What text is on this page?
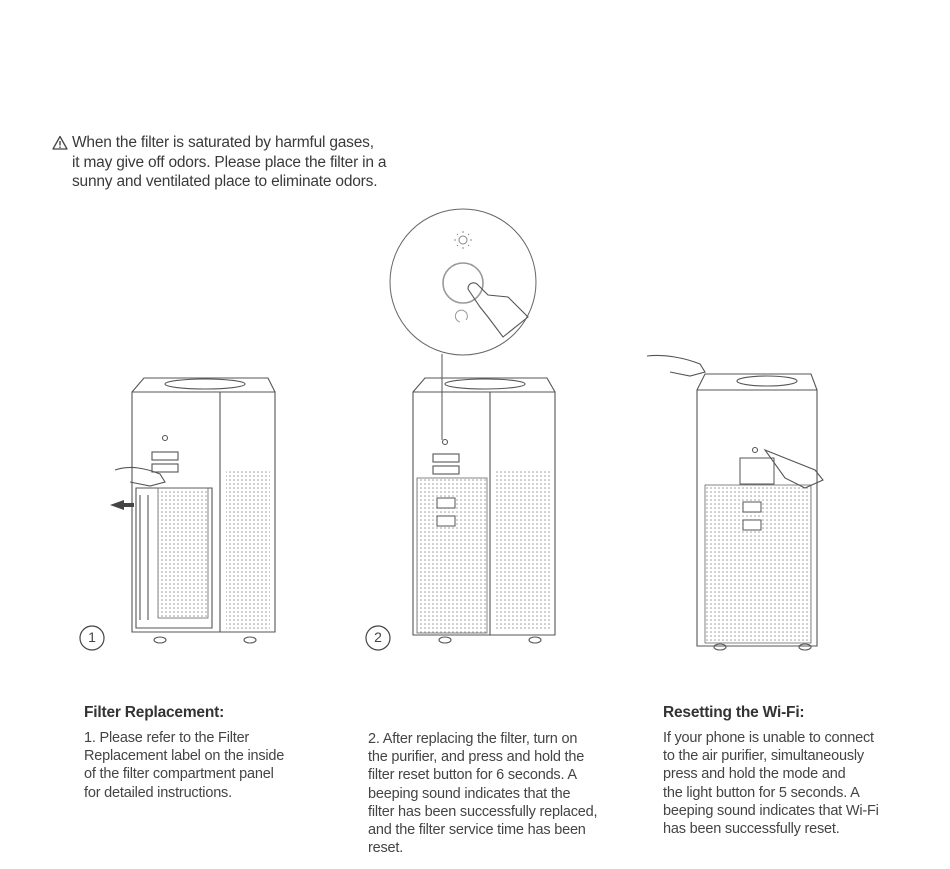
When the filter is saturated by harmful gases,
it may give off odors. Please place the filter in a
sunny and ventilated place to eliminate odors.
1	2
Filter Replacement:
1. Please refer to the Filter
Replacement label on the inside
of the filter compartment panel
for detailed instructions.
2. After replacing the filter, turn on
the purifier, and press and hold the
filter reset button for 6 seconds. A
beeping sound indicates that the
filter has been successfully replaced,
and the filter service time has been
reset.
Resetting the Wi-Fi:
If your phone is unable to connect
to the air purifier, simultaneously
press and hold the mode and
the light button for 5 seconds. A
beeping sound indicates that Wi-Fi
has been successfully reset.
